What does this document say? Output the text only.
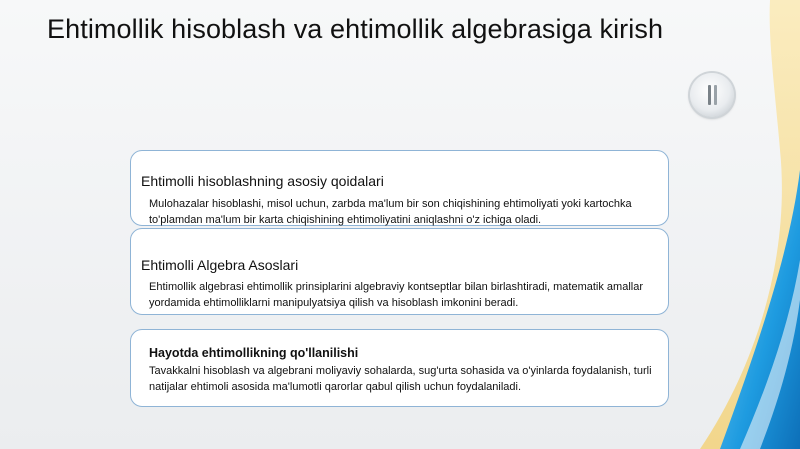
Ehtimollik hisoblash va ehtimollik algebrasiga kirish
Ehtimolli hisoblashning asosiy qoidalari
Mulohazalar hisoblashi, misol uchun, zarbda ma'lum bir son chiqishining ehtimoliyati yoki kartochka to'plamdan ma'lum bir karta chiqishining ehtimoliyatini aniqlashni o'z ichiga oladi.
Ehtimolli Algebra Asoslari
Ehtimollik algebrasi ehtimollik prinsiplarini algebraviy kontseptlar bilan birlashtiradi, matematik amallar yordamida ehtimolliklarni manipulyatsiya qilish va hisoblash imkonini beradi.
Hayotda ehtimollikning qo'llanilishi
Tavakkalni hisoblash va algebrani moliyaviy sohalarda, sug'urta sohasida va o'yinlarda foydalanish, turli natijalar ehtimoli asosida ma'lumotli qarorlar qabul qilish uchun foydalaniladi.
